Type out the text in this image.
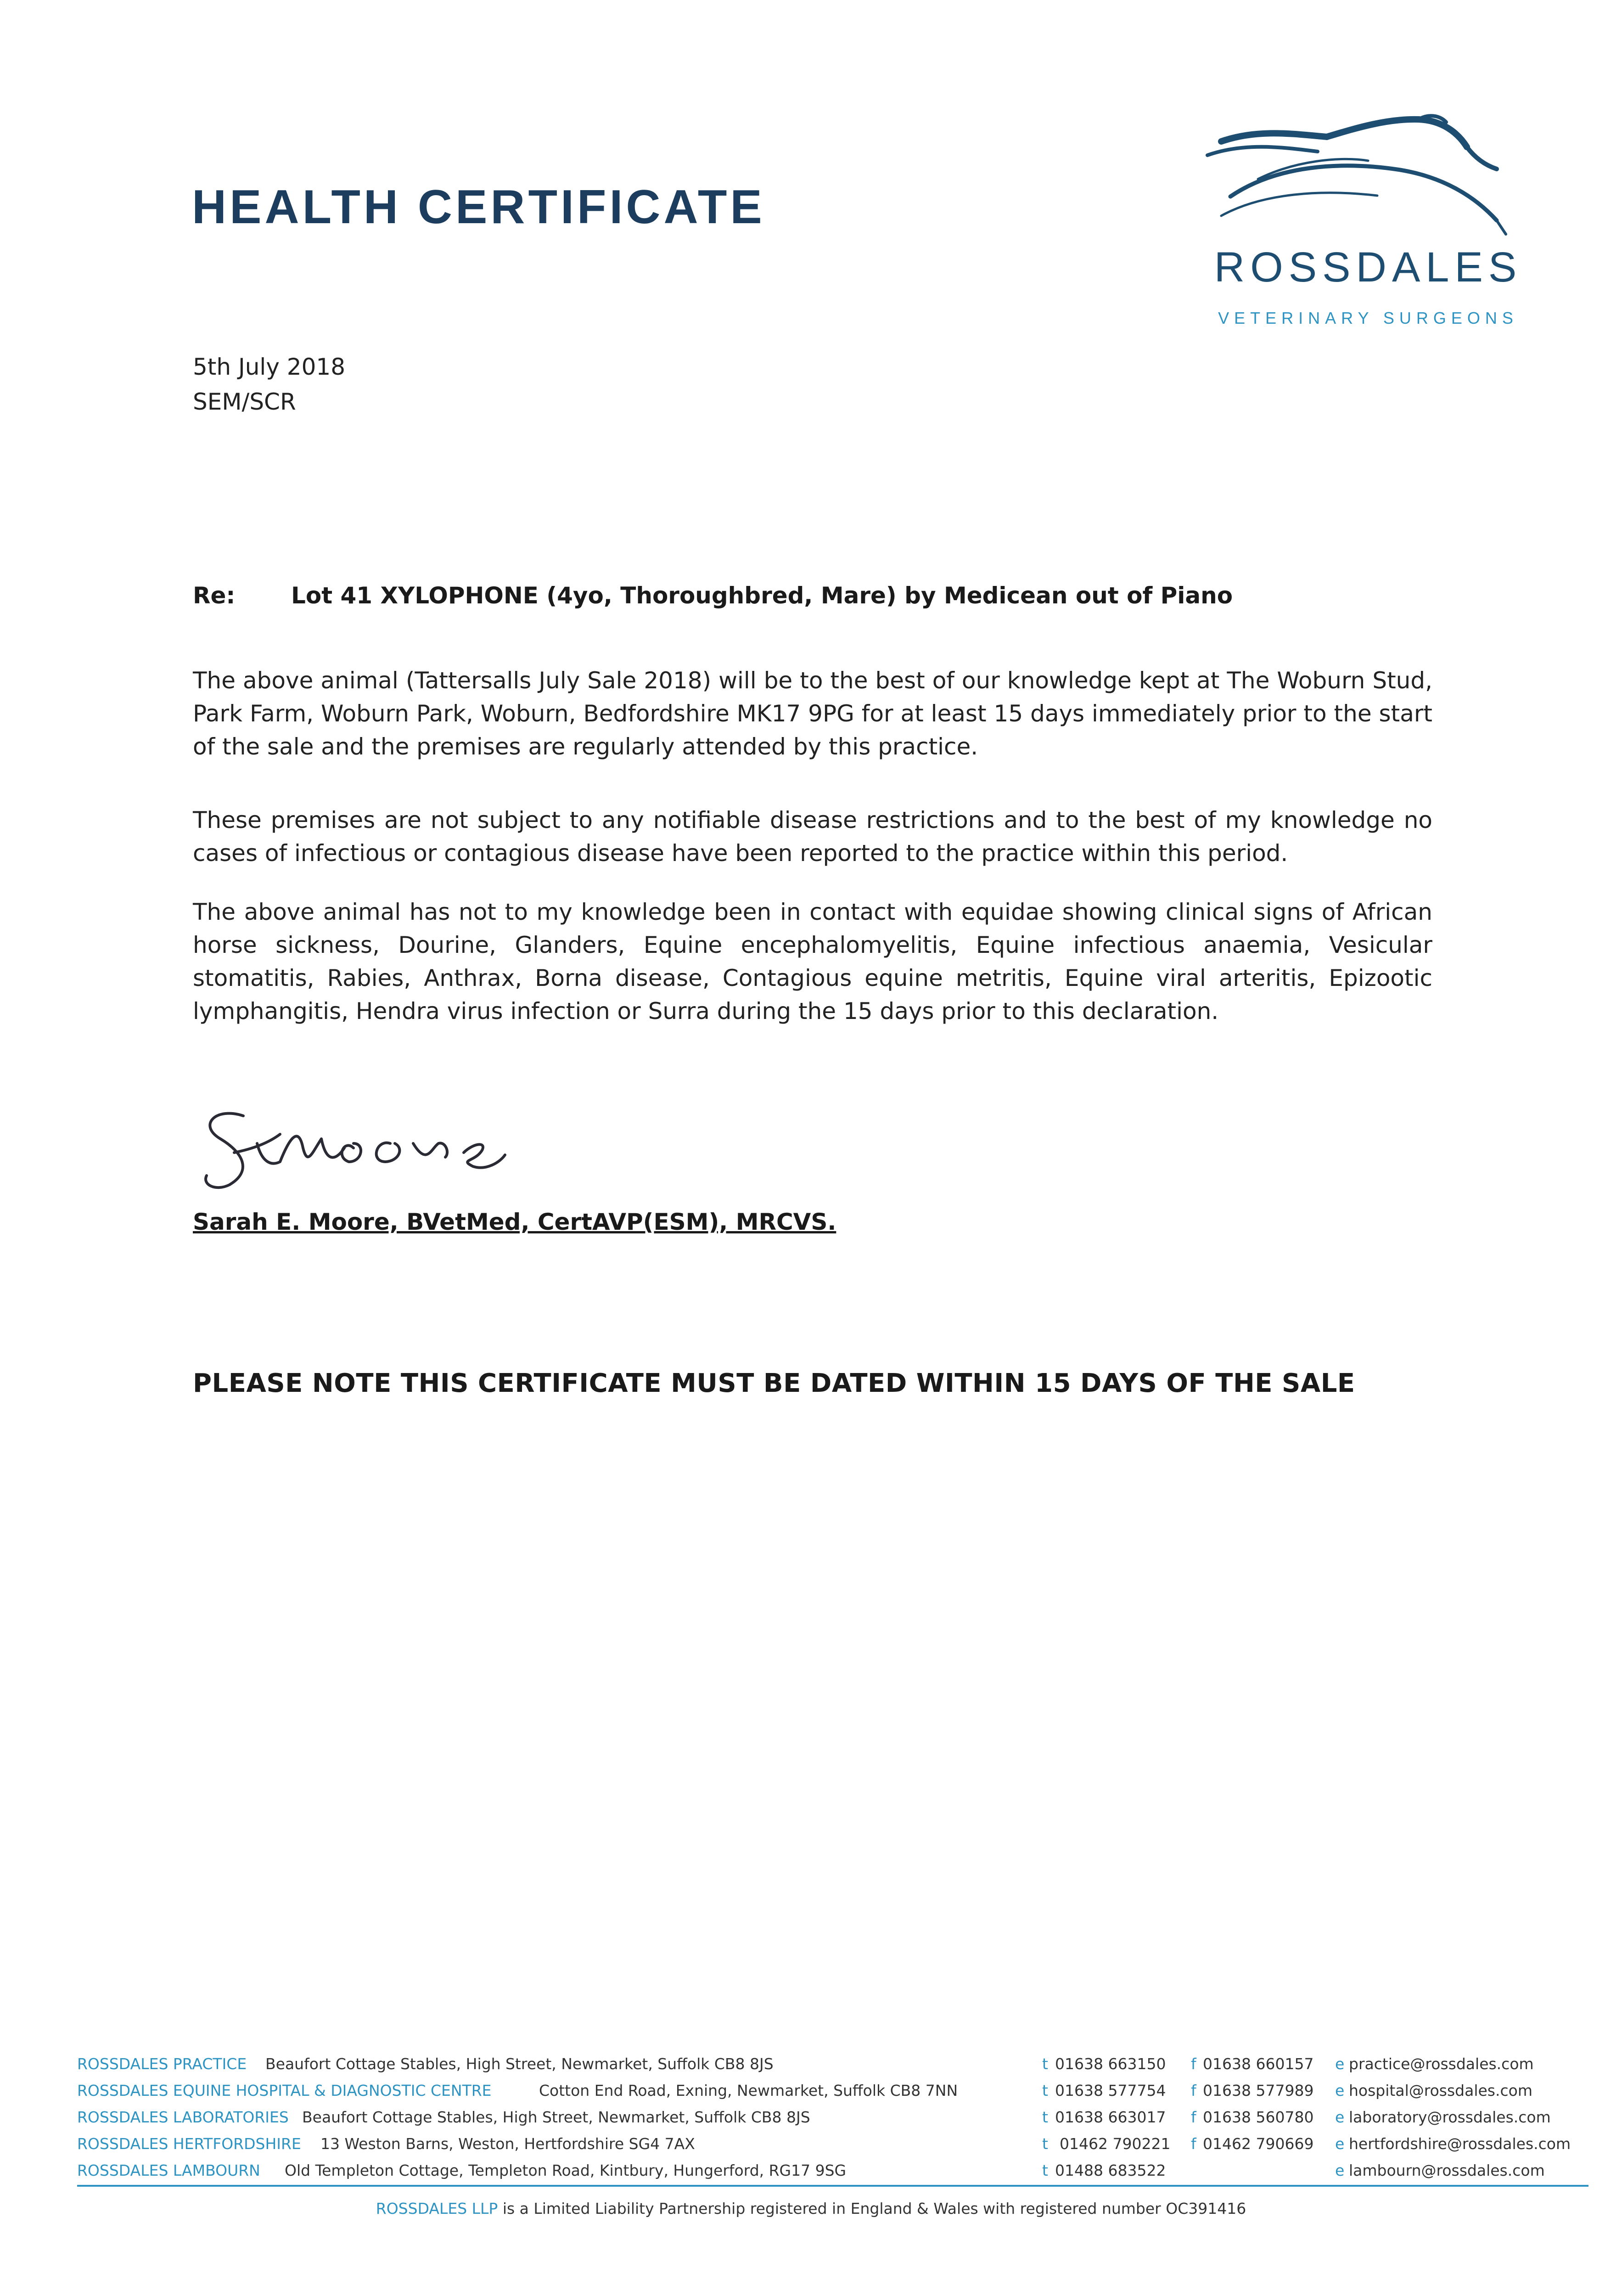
HEALTH CERTIFICATE
ROSSDALES
VETERINARY SURGEONS
5th July 2018
SEM/SCR
Re: Lot 41 XYLOPHONE (4yo, Thoroughbred, Mare) by Medicean out of Piano

The above animal (Tattersalls July Sale 2018) will be to the best of our knowledge kept at The Woburn Stud, Park Farm, Woburn Park, Woburn, Bedfordshire MK17 9PG for at least 15 days immediately prior to the start of the sale and the premises are regularly attended by this practice.

These premises are not subject to any notifiable disease restrictions and to the best of my knowledge no cases of infectious or contagious disease have been reported to the practice within this period.

The above animal has not to my knowledge been in contact with equidae showing clinical signs of African horse sickness, Dourine, Glanders, Equine encephalomyelitis, Equine infectious anaemia, Vesicular stomatitis, Rabies, Anthrax, Borna disease, Contagious equine metritis, Equine viral arteritis, Epizootic lymphangitis, Hendra virus infection or Surra during the 15 days prior to this declaration.

Sarah E. Moore, BVetMed, CertAVP(ESM), MRCVS.
PLEASE NOTE THIS CERTIFICATE MUST BE DATED WITHIN 15 DAYS OF THE SALE
ROSSDALES PRACTICE Beaufort Cottage Stables, High Street, Newmarket, Suffolk CB8 8JS	t 01638 663150 f 01638 660157 e practice@rossdales.com
ROSSDALES EQUINE HOSPITAL & DIAGNOSTIC CENTRE	Cotton End Road, Exning, Newmarket, Suffolk CB8 7NN	t 01638 577754 f 01638 577989 e hospital@rossdales.com
ROSSDALES LABORATORIES Beaufort Cottage Stables, High Street, Newmarket, Suffolk CB8 8JS	t 01638 663017 f 01638 560780 e laboratory@rossdales.com
ROSSDALES HERTFORDSHIRE 13 Weston Barns, Weston, Hertfordshire SG4 7AX	t 01462 790221 f 01462 790669 e hertfordshire@rossdales.com
ROSSDALES LAMBOURN Old Templeton Cottage, Templeton Road, Kintbury, Hungerford, RG17 9SG	t 01488 683522	e lambourn@rossdales.com
ROSSDALES LLP is a Limited Liability Partnership registered in England & Wales with registered number OC391416
